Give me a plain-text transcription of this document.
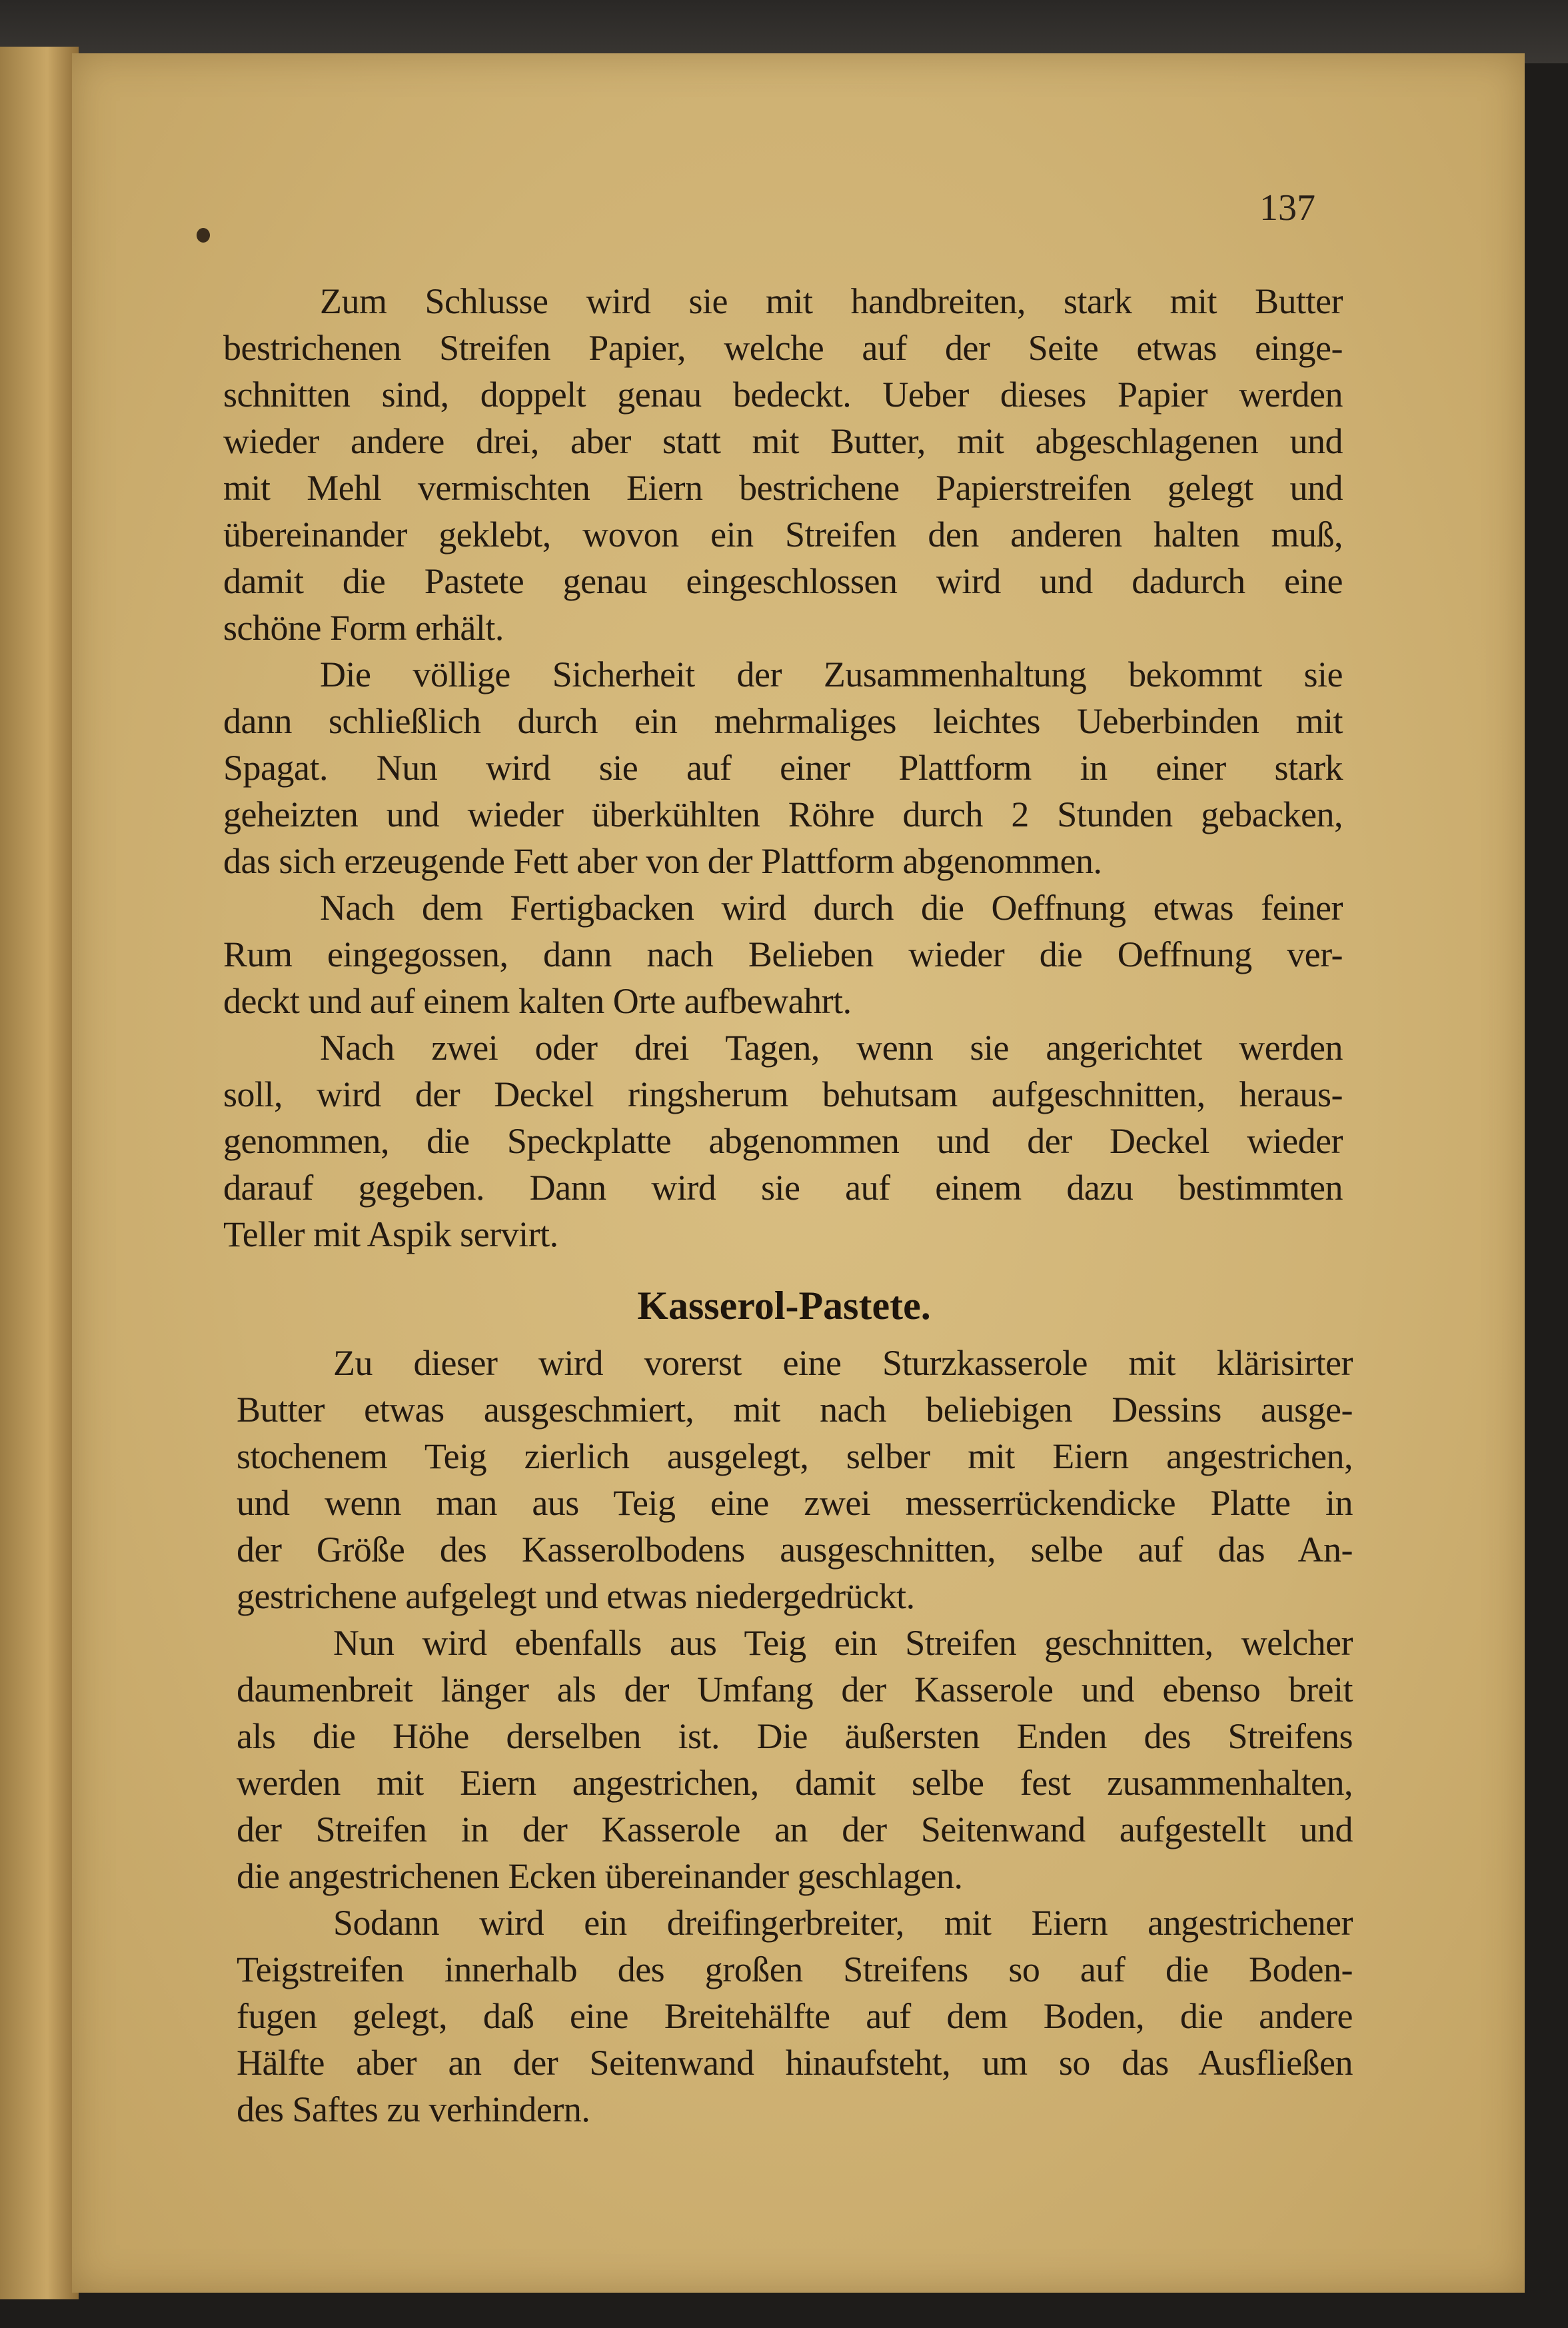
137
Zum Schlusse wird sie mit handbreiten, stark mit Butter
bestrichenen Streifen Papier, welche auf der Seite etwas einge-
schnitten sind, doppelt genau bedeckt. Ueber dieses Papier werden
wieder andere drei, aber statt mit Butter, mit abgeschlagenen und
mit Mehl vermischten Eiern bestrichene Papierstreifen gelegt und
übereinander geklebt, wovon ein Streifen den anderen halten muß,
damit die Pastete genau eingeschlossen wird und dadurch eine
schöne Form erhält.
Die völlige Sicherheit der Zusammenhaltung bekommt sie
dann schließlich durch ein mehrmaliges leichtes Ueberbinden mit
Spagat. Nun wird sie auf einer Plattform in einer stark
geheizten und wieder überkühlten Röhre durch 2 Stunden gebacken,
das sich erzeugende Fett aber von der Plattform abgenommen.
Nach dem Fertigbacken wird durch die Oeffnung etwas feiner
Rum eingegossen, dann nach Belieben wieder die Oeffnung ver-
deckt und auf einem kalten Orte aufbewahrt.
Nach zwei oder drei Tagen, wenn sie angerichtet werden
soll, wird der Deckel ringsherum behutsam aufgeschnitten, heraus-
genommen, die Speckplatte abgenommen und der Deckel wieder
darauf gegeben. Dann wird sie auf einem dazu bestimmten
Teller mit Aspik servirt.
Kasserol-Pastete.
Zu dieser wird vorerst eine Sturzkasserole mit klärisirter
Butter etwas ausgeschmiert, mit nach beliebigen Dessins ausge-
stochenem Teig zierlich ausgelegt, selber mit Eiern angestrichen,
und wenn man aus Teig eine zwei messerrückendicke Platte in
der Größe des Kasserolbodens ausgeschnitten, selbe auf das An-
gestrichene aufgelegt und etwas niedergedrückt.
Nun wird ebenfalls aus Teig ein Streifen geschnitten, welcher
daumenbreit länger als der Umfang der Kasserole und ebenso breit
als die Höhe derselben ist. Die äußersten Enden des Streifens
werden mit Eiern angestrichen, damit selbe fest zusammenhalten,
der Streifen in der Kasserole an der Seitenwand aufgestellt und
die angestrichenen Ecken übereinander geschlagen.
Sodann wird ein dreifingerbreiter, mit Eiern angestrichener
Teigstreifen innerhalb des großen Streifens so auf die Boden-
fugen gelegt, daß eine Breitehälfte auf dem Boden, die andere
Hälfte aber an der Seitenwand hinaufsteht, um so das Ausfließen
des Saftes zu verhindern.
